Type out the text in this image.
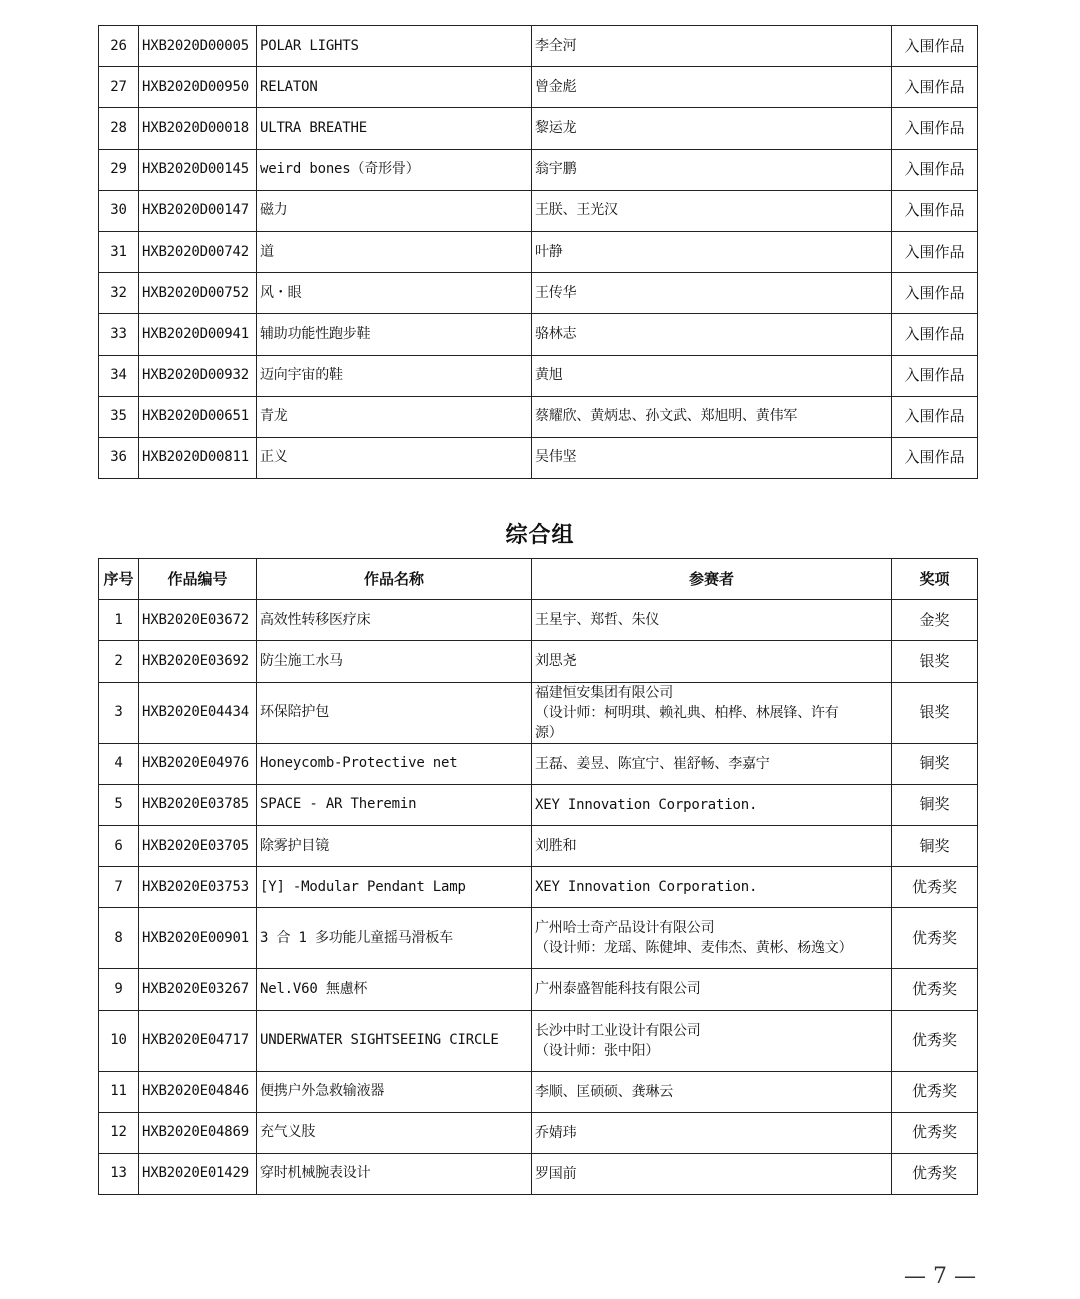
26	HXB2020D00005	POLAR LIGHTS	李全河	入围作品
27	HXB2020D00950	RELATON	曾金彪	入围作品
28	HXB2020D00018	ULTRA BREATHE	黎运龙	入围作品
29	HXB2020D00145	weird bones（奇形骨）	翁宇鹏	入围作品
30	HXB2020D00147	磁力	王朕、王光汉	入围作品
31	HXB2020D00742	道	叶静	入围作品
32	HXB2020D00752	风・眼	王传华	入围作品
33	HXB2020D00941	辅助功能性跑步鞋	骆林志	入围作品
34	HXB2020D00932	迈向宇宙的鞋	黄旭	入围作品
35	HXB2020D00651	青龙	蔡耀欣、黄炳忠、孙文武、郑旭明、黄伟军	入围作品
36	HXB2020D00811	正义	吴伟坚	入围作品
综合组
序号	作品编号	作品名称	参赛者	奖项
1	HXB2020E03672	高效性转移医疗床	王星宇、郑哲、朱仪	金奖
2	HXB2020E03692	防尘施工水马	刘思尧	银奖
3	HXB2020E04434	环保陪护包	福建恒安集团有限公司
（设计师：柯明琪、赖礼典、柏桦、林展锋、许有
源）	银奖
4	HXB2020E04976	Honeycomb-Protective net	王磊、姜昱、陈宜宁、崔舒畅、李嘉宁	铜奖
5	HXB2020E03785	SPACE - AR Theremin	XEY Innovation Corporation.	铜奖
6	HXB2020E03705	除雾护目镜	刘胜和	铜奖
7	HXB2020E03753	[Y] -Modular Pendant Lamp	XEY Innovation Corporation.	优秀奖
8	HXB2020E00901	3 合 1 多功能儿童摇马滑板车	广州哈士奇产品设计有限公司
（设计师：龙瑶、陈健坤、麦伟杰、黄彬、杨逸文）	优秀奖
9	HXB2020E03267	Nel.V60 無慮杯	广州泰盛智能科技有限公司	优秀奖
10	HXB2020E04717	UNDERWATER SIGHTSEEING CIRCLE	长沙中时工业设计有限公司
（设计师：张中阳）	优秀奖
11	HXB2020E04846	便携户外急救输液器	李顺、匡硕硕、龚琳云	优秀奖
12	HXB2020E04869	充气义肢	乔婧玮	优秀奖
13	HXB2020E01429	穿时机械腕表设计	罗国前	优秀奖
— 7 —
